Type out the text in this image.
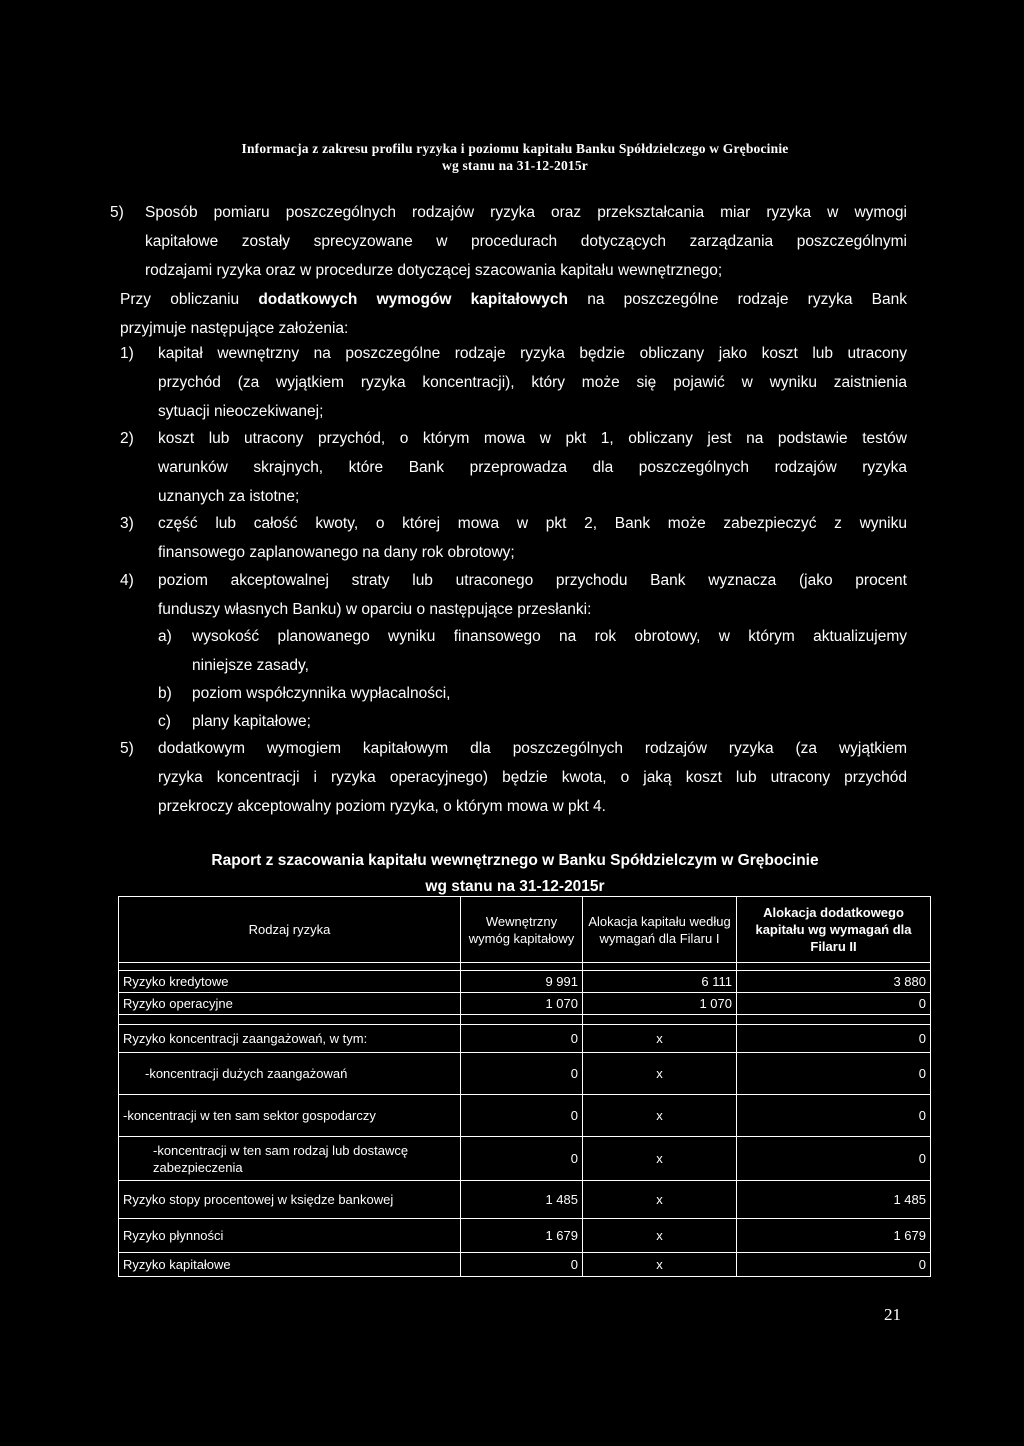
Informacja z zakresu profilu ryzyka i poziomu kapitału Banku Spółdzielczego w Grębocinie
wg stanu na 31-12-2015r
5) Sposób pomiaru poszczególnych rodzajów ryzyka oraz przekształcania miar ryzyka w wymogi
kapitałowe zostały sprecyzowane w procedurach dotyczących zarządzania poszczególnymi
rodzajami ryzyka oraz w procedurze dotyczącej szacowania kapitału wewnętrznego;
Przy obliczaniu dodatkowych wymogów kapitałowych na poszczególne rodzaje ryzyka Bank
przyjmuje następujące założenia:
1) kapitał wewnętrzny na poszczególne rodzaje ryzyka będzie obliczany jako koszt lub utracony
przychód (za wyjątkiem ryzyka koncentracji), który może się pojawić w wyniku zaistnienia
sytuacji nieoczekiwanej;
2) koszt lub utracony przychód, o którym mowa w pkt 1, obliczany jest na podstawie testów
warunków skrajnych, które Bank przeprowadza dla poszczególnych rodzajów ryzyka
uznanych za istotne;
3) część lub całość kwoty, o której mowa w pkt 2, Bank może zabezpieczyć z wyniku
finansowego zaplanowanego na dany rok obrotowy;
4) poziom akceptowalnej straty lub utraconego przychodu Bank wyznacza (jako procent
funduszy własnych Banku) w oparciu o następujące przesłanki:
a) wysokość planowanego wyniku finansowego na rok obrotowy, w którym aktualizujemy
niniejsze zasady,
b) poziom współczynnika wypłacalności,
c) plany kapitałowe;
5) dodatkowym wymogiem kapitałowym dla poszczególnych rodzajów ryzyka (za wyjątkiem
ryzyka koncentracji i ryzyka operacyjnego) będzie kwota, o jaką koszt lub utracony przychód
przekroczy akceptowalny poziom ryzyka, o którym mowa w pkt 4.
Raport z szacowania kapitału wewnętrznego w Banku Spółdzielczym w Grębocinie
wg stanu na 31-12-2015r
Rodzaj ryzyka	Wewnętrzny wymóg kapitałowy	Alokacja kapitału według wymagań dla Filaru I	Alokacja dodatkowego kapitału wg wymagań dla Filaru II

Ryzyko kredytowe	9 991	6 111	3 880
Ryzyko operacyjne	1 070	1 070	0

Ryzyko koncentracji zaangażowań, w tym:	0	x	0
-koncentracji dużych zaangażowań	0	x	0
-koncentracji w ten sam sektor gospodarczy	0	x	0
-koncentracji w ten sam rodzaj lub dostawcę zabezpieczenia	0	x	0
Ryzyko stopy procentowej w księdze bankowej	1 485	x	1 485
Ryzyko płynności	1 679	x	1 679
Ryzyko kapitałowe	0	x	0
21
